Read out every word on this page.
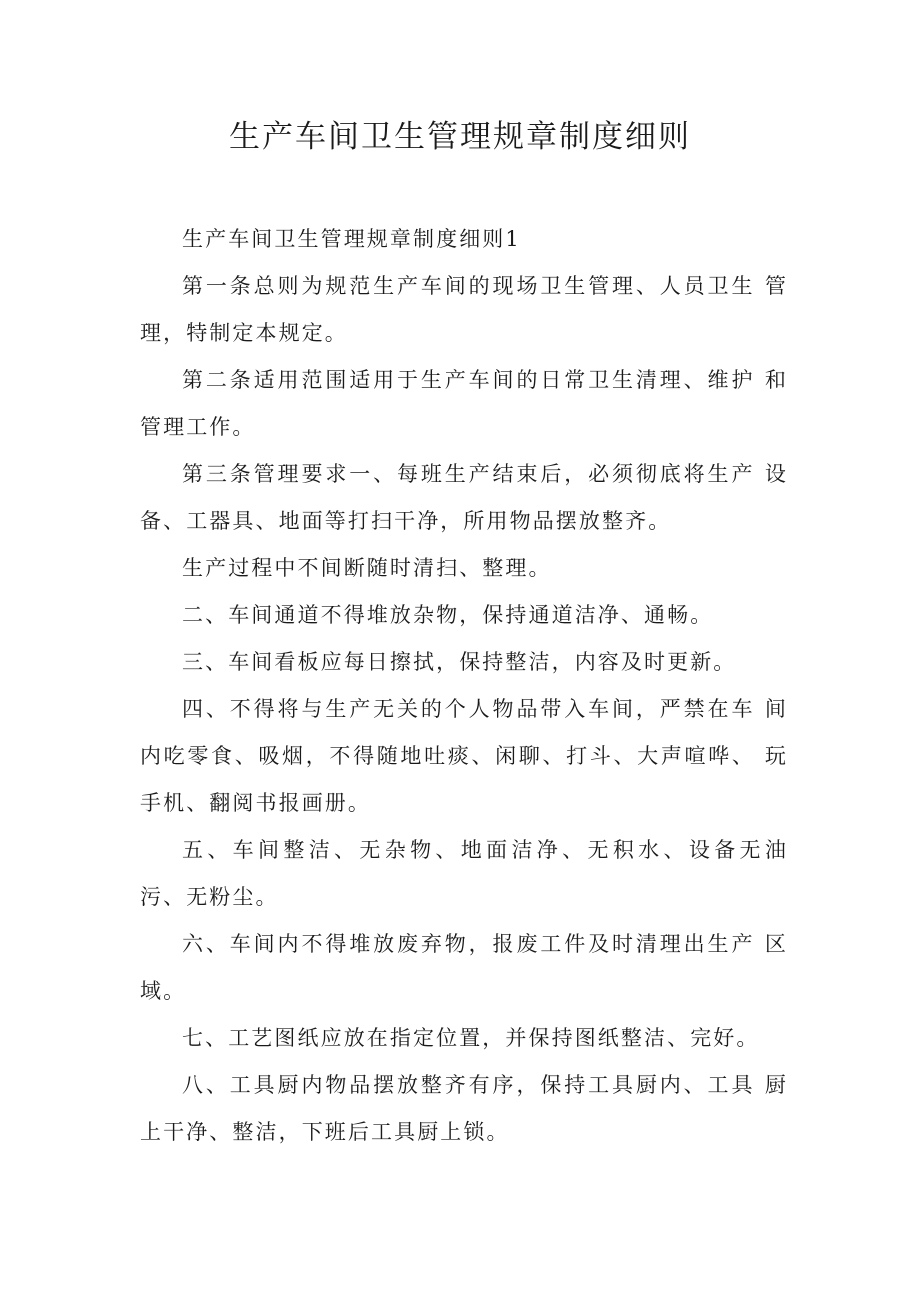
生产车间卫生管理规章制度细则

生产车间卫生管理规章制度细则1

第一条总则为规范生产车间的现场卫生管理、人员卫生 管理，特制定本规定。

第二条适用范围适用于生产车间的日常卫生清理、维护 和管理工作。

第三条管理要求一、每班生产结束后，必须彻底将生产 设备、工器具、地面等打扫干净，所用物品摆放整齐。

生产过程中不间断随时清扫、整理。

二、车间通道不得堆放杂物，保持通道洁净、通畅。

三、车间看板应每日擦拭，保持整洁，内容及时更新。

四、不得将与生产无关的个人物品带入车间，严禁在车 间内吃零食、吸烟，不得随地吐痰、闲聊、打斗、大声喧哗、 玩手机、翻阅书报画册。

五、车间整洁、无杂物、地面洁净、无积水、设备无油 污、无粉尘。

六、车间内不得堆放废弃物，报废工件及时清理出生产 区域。

七、工艺图纸应放在指定位置，并保持图纸整洁、完好。

八、工具厨内物品摆放整齐有序，保持工具厨内、工具 厨上干净、整洁，下班后工具厨上锁。
